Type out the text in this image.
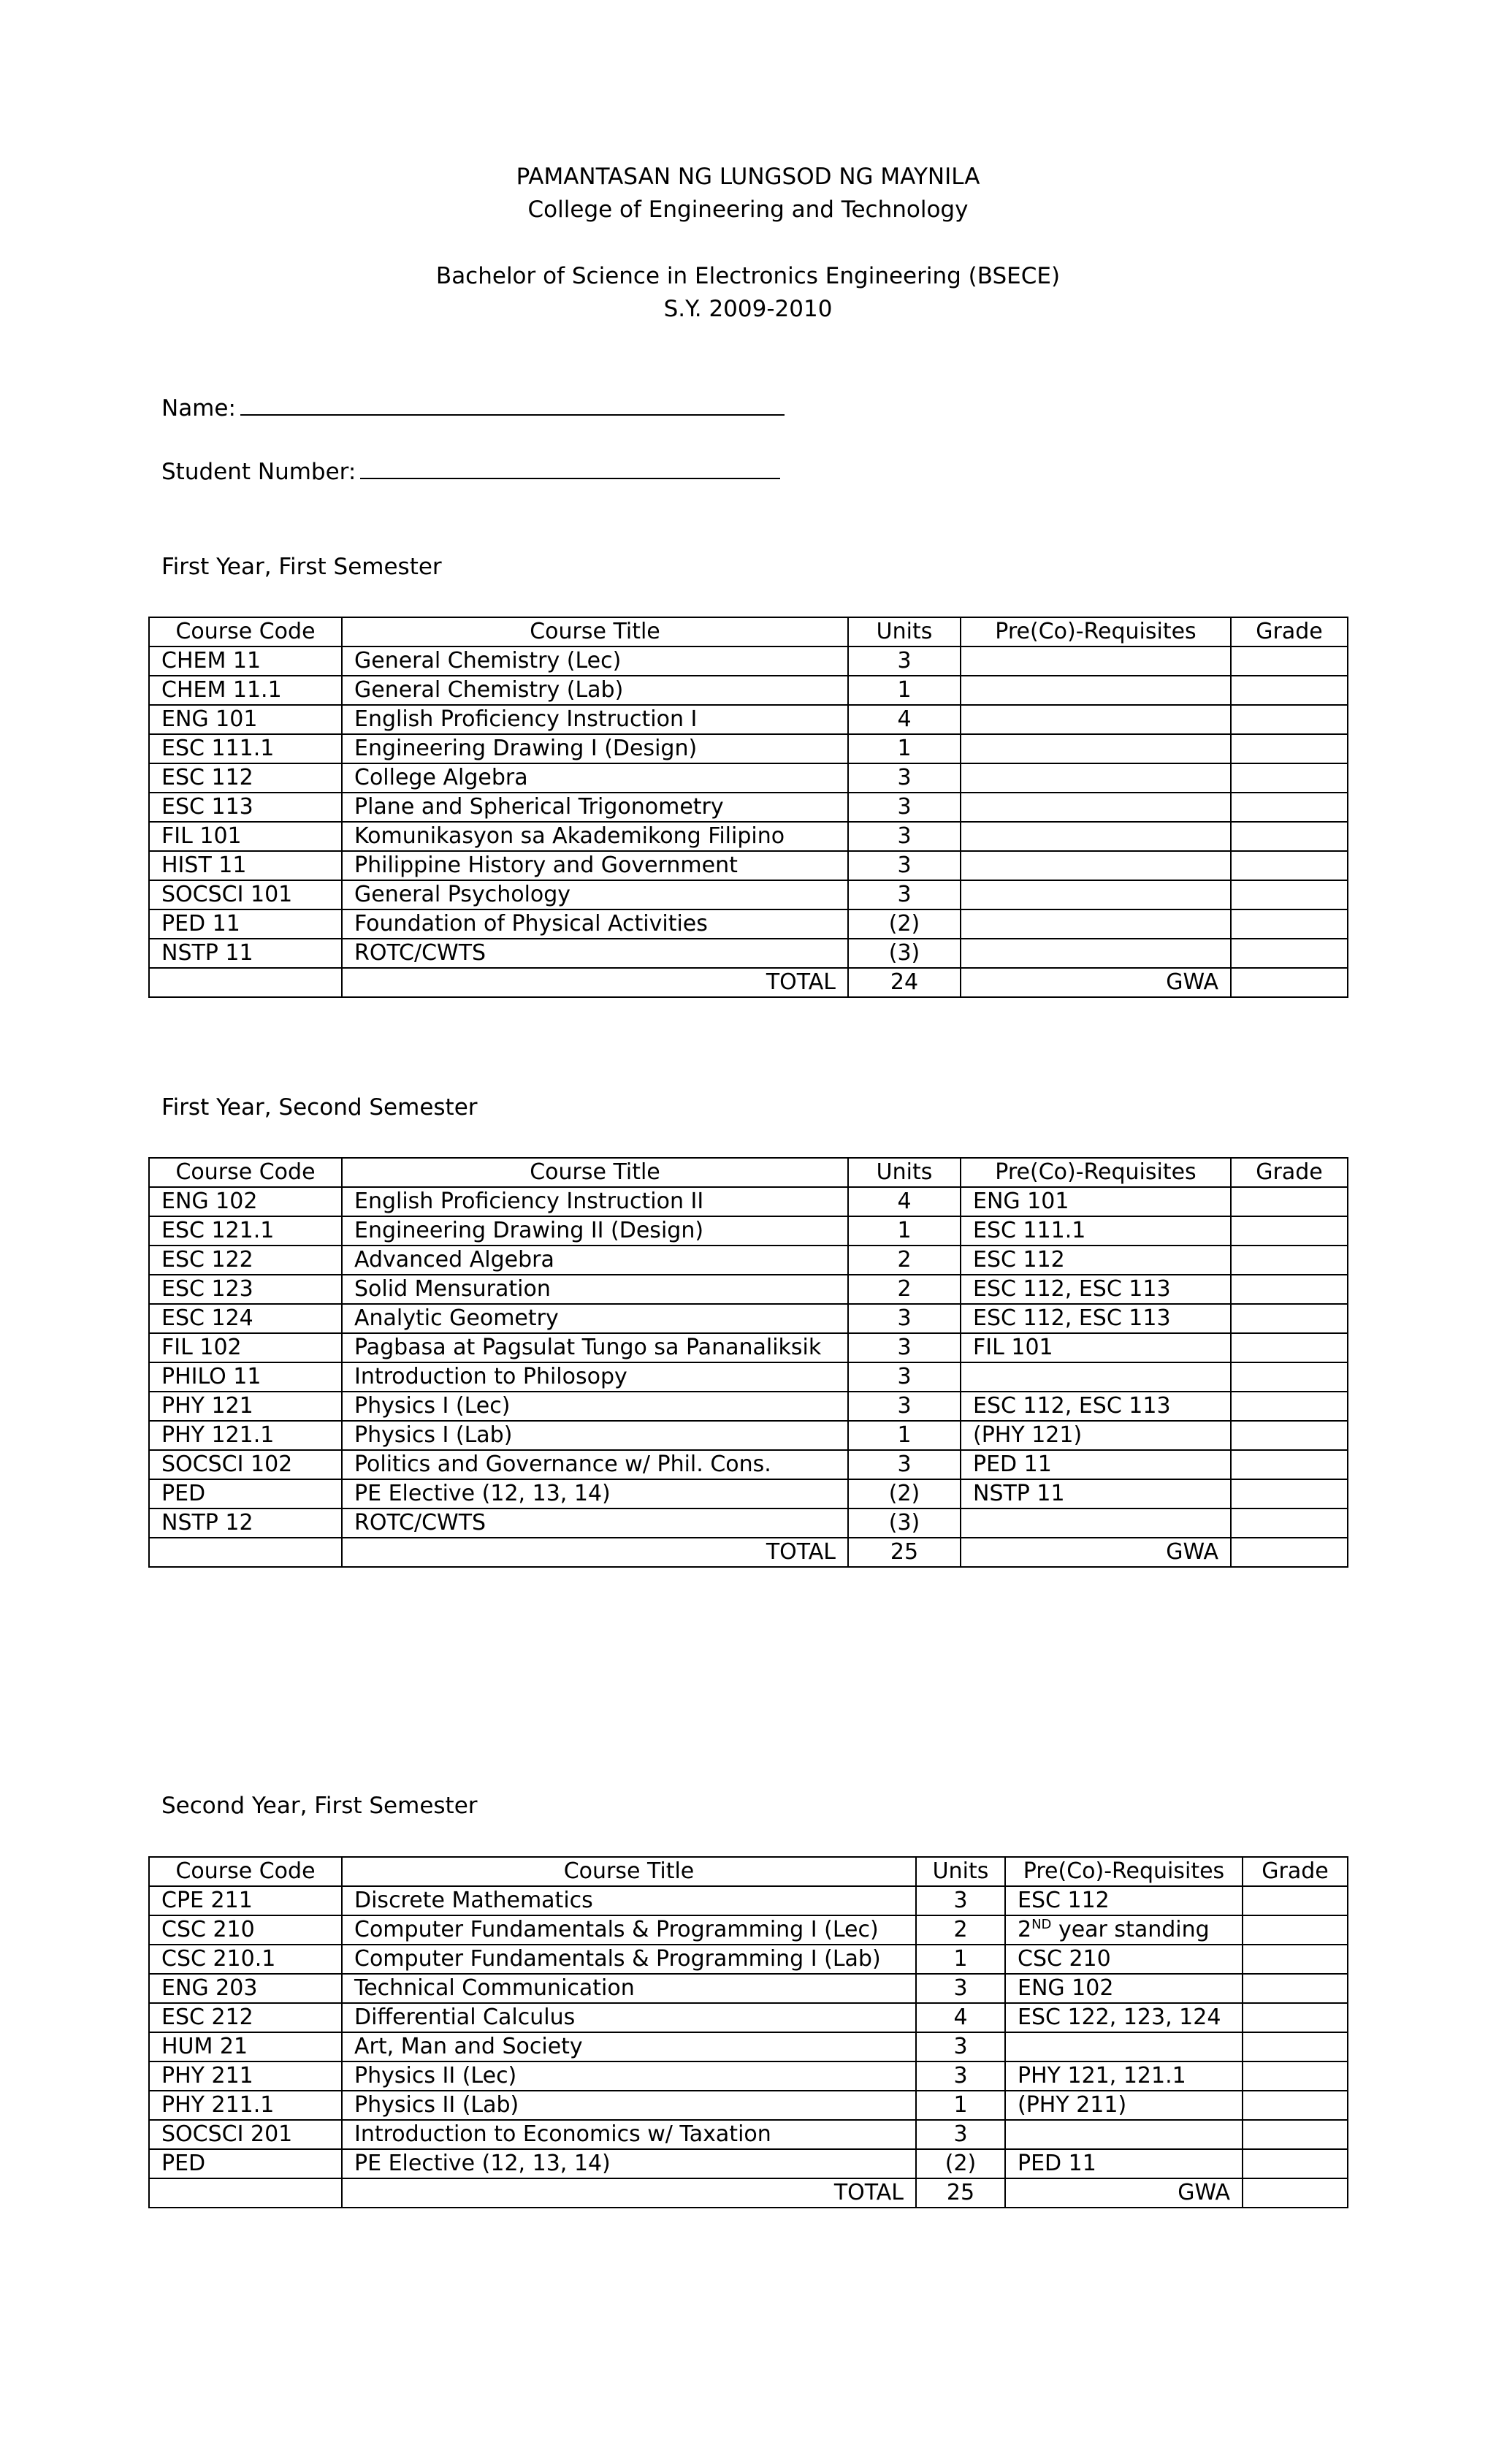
PAMANTASAN NG LUNGSOD NG MAYNILA
College of Engineering and Technology
Bachelor of Science in Electronics Engineering (BSECE)
S.Y. 2009-2010
Name:
Student Number:
First Year, First Semester
Course Code	Course Title	Units	Pre(Co)-Requisites	Grade
CHEM 11	General Chemistry (Lec)	3		
CHEM 11.1	General Chemistry (Lab)	1		
ENG 101	English Proficiency Instruction I	4		
ESC 111.1	Engineering Drawing I (Design)	1		
ESC 112	College Algebra	3		
ESC 113	Plane and Spherical Trigonometry	3		
FIL 101	Komunikasyon sa Akademikong Filipino	3		
HIST 11	Philippine History and Government	3		
SOCSCI 101	General Psychology	3		
PED 11	Foundation of Physical Activities	(2)		
NSTP 11	ROTC/CWTS	(3)		
	TOTAL	24	GWA	
First Year, Second Semester
Course Code	Course Title	Units	Pre(Co)-Requisites	Grade
ENG 102	English Proficiency Instruction II	4	ENG 101	
ESC 121.1	Engineering Drawing II (Design)	1	ESC 111.1	
ESC 122	Advanced Algebra	2	ESC 112	
ESC 123	Solid Mensuration	2	ESC 112, ESC 113	
ESC 124	Analytic Geometry	3	ESC 112, ESC 113	
FIL 102	Pagbasa at Pagsulat Tungo sa Pananaliksik	3	FIL 101	
PHILO 11	Introduction to Philosopy	3		
PHY 121	Physics I (Lec)	3	ESC 112, ESC 113	
PHY 121.1	Physics I (Lab)	1	(PHY 121)	
SOCSCI 102	Politics and Governance w/ Phil. Cons.	3	PED 11	
PED	PE Elective (12, 13, 14)	(2)	NSTP 11	
NSTP 12	ROTC/CWTS	(3)		
	TOTAL	25	GWA	
Second Year, First Semester
Course Code	Course Title	Units	Pre(Co)-Requisites	Grade
CPE 211	Discrete Mathematics	3	ESC 112	
CSC 210	Computer Fundamentals & Programming I (Lec)	2	2ND year standing	
CSC 210.1	Computer Fundamentals & Programming I (Lab)	1	CSC 210	
ENG 203	Technical Communication	3	ENG 102	
ESC 212	Differential Calculus	4	ESC 122, 123, 124	
HUM 21	Art, Man and Society	3		
PHY 211	Physics II (Lec)	3	PHY 121, 121.1	
PHY 211.1	Physics II (Lab)	1	(PHY 211)	
SOCSCI 201	Introduction to Economics w/ Taxation	3		
PED	PE Elective (12, 13, 14)	(2)	PED 11	
	TOTAL	25	GWA	
